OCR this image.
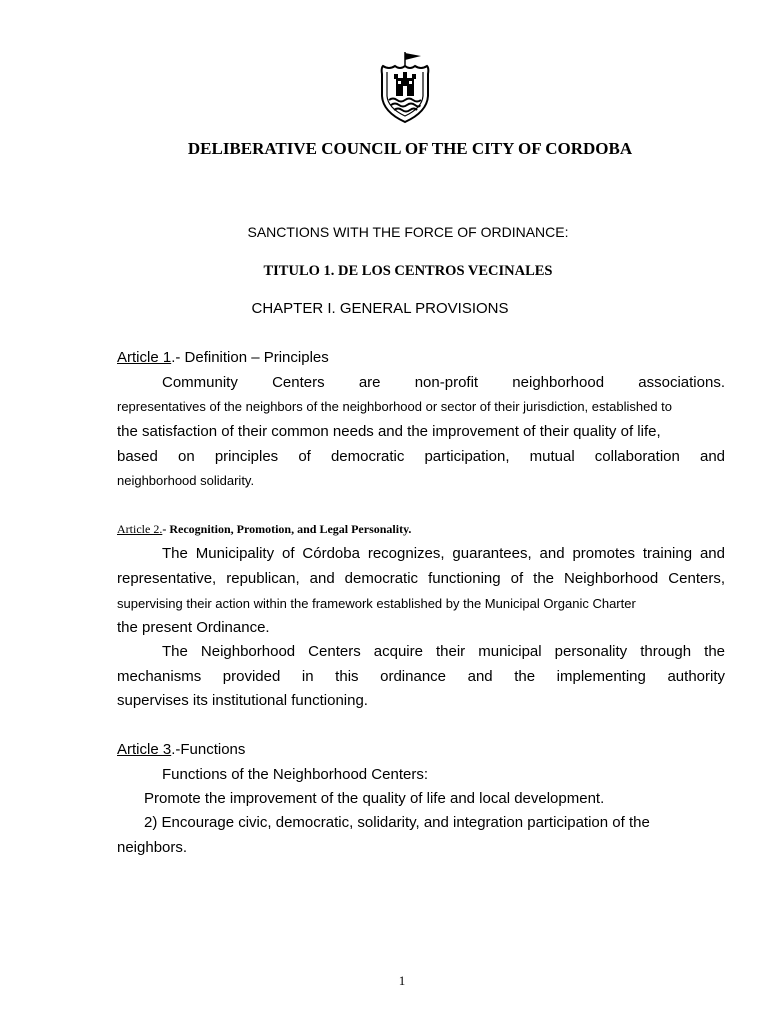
DELIBERATIVE COUNCIL OF THE CITY OF CORDOBA
SANCTIONS WITH THE FORCE OF ORDINANCE:
TITULO 1. DE LOS CENTROS VECINALES
CHAPTER I. GENERAL PROVISIONS
Article 1.- Definition – Principles
Community Centers are non-profit neighborhood associations.
representatives of the neighbors of the neighborhood or sector of their jurisdiction, established to
the satisfaction of their common needs and the improvement of their quality of life,
based on principles of democratic participation, mutual collaboration and
neighborhood solidarity.
Article 2.- Recognition, Promotion, and Legal Personality.
The Municipality of Córdoba recognizes, guarantees, and promotes training and
representative, republican, and democratic functioning of the Neighborhood Centers,
supervising their action within the framework established by the Municipal Organic Charter
the present Ordinance.
The Neighborhood Centers acquire their municipal personality through the
mechanisms provided in this ordinance and the implementing authority
supervises its institutional functioning.
Article 3.-Functions
Functions of the Neighborhood Centers:
Promote the improvement of the quality of life and local development.
2) Encourage civic, democratic, solidarity, and integration participation of the
neighbors.
1
